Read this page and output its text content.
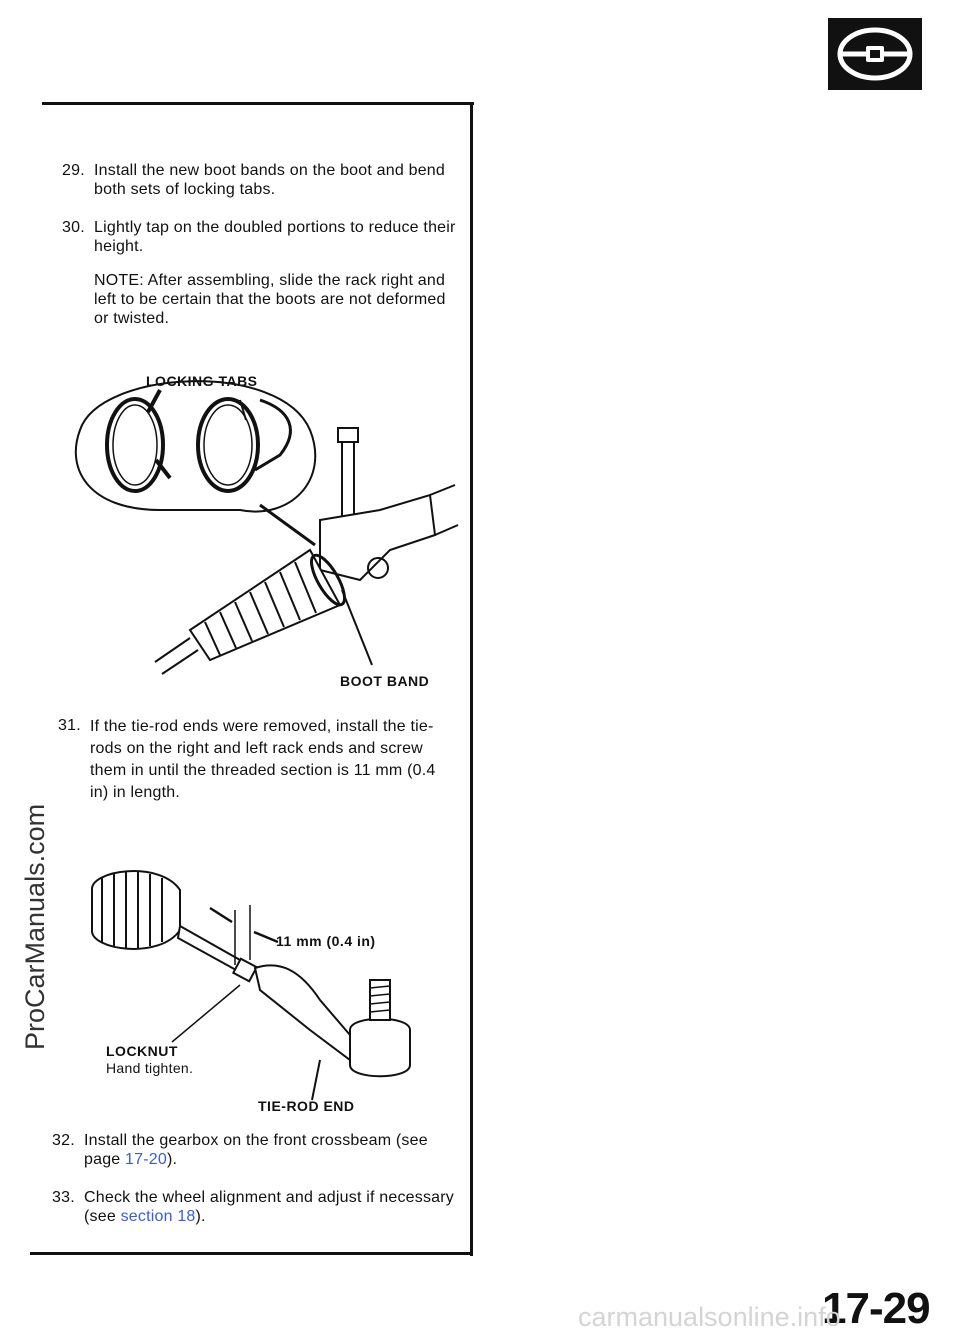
29. Install the new boot bands on the boot and bend both sets of locking tabs.
30. Lightly tap on the doubled portions to reduce their height.
NOTE: After assembling, slide the rack right and left to be certain that the boots are not deformed or twisted.
LOCKING TABS
BOOT BAND
31. If the tie-rod ends were removed, install the tie-rods on the right and left rack ends and screw them in until the threaded section is 11 mm (0.4 in) in length.
11 mm (0.4 in)
LOCKNUT
Hand tighten.
TIE-ROD END
32. Install the gearbox on the front crossbeam (see page 17-20).
33. Check the wheel alignment and adjust if necessary (see section 18).
ProCarManuals.com
17-29
carmanualsonline.info
